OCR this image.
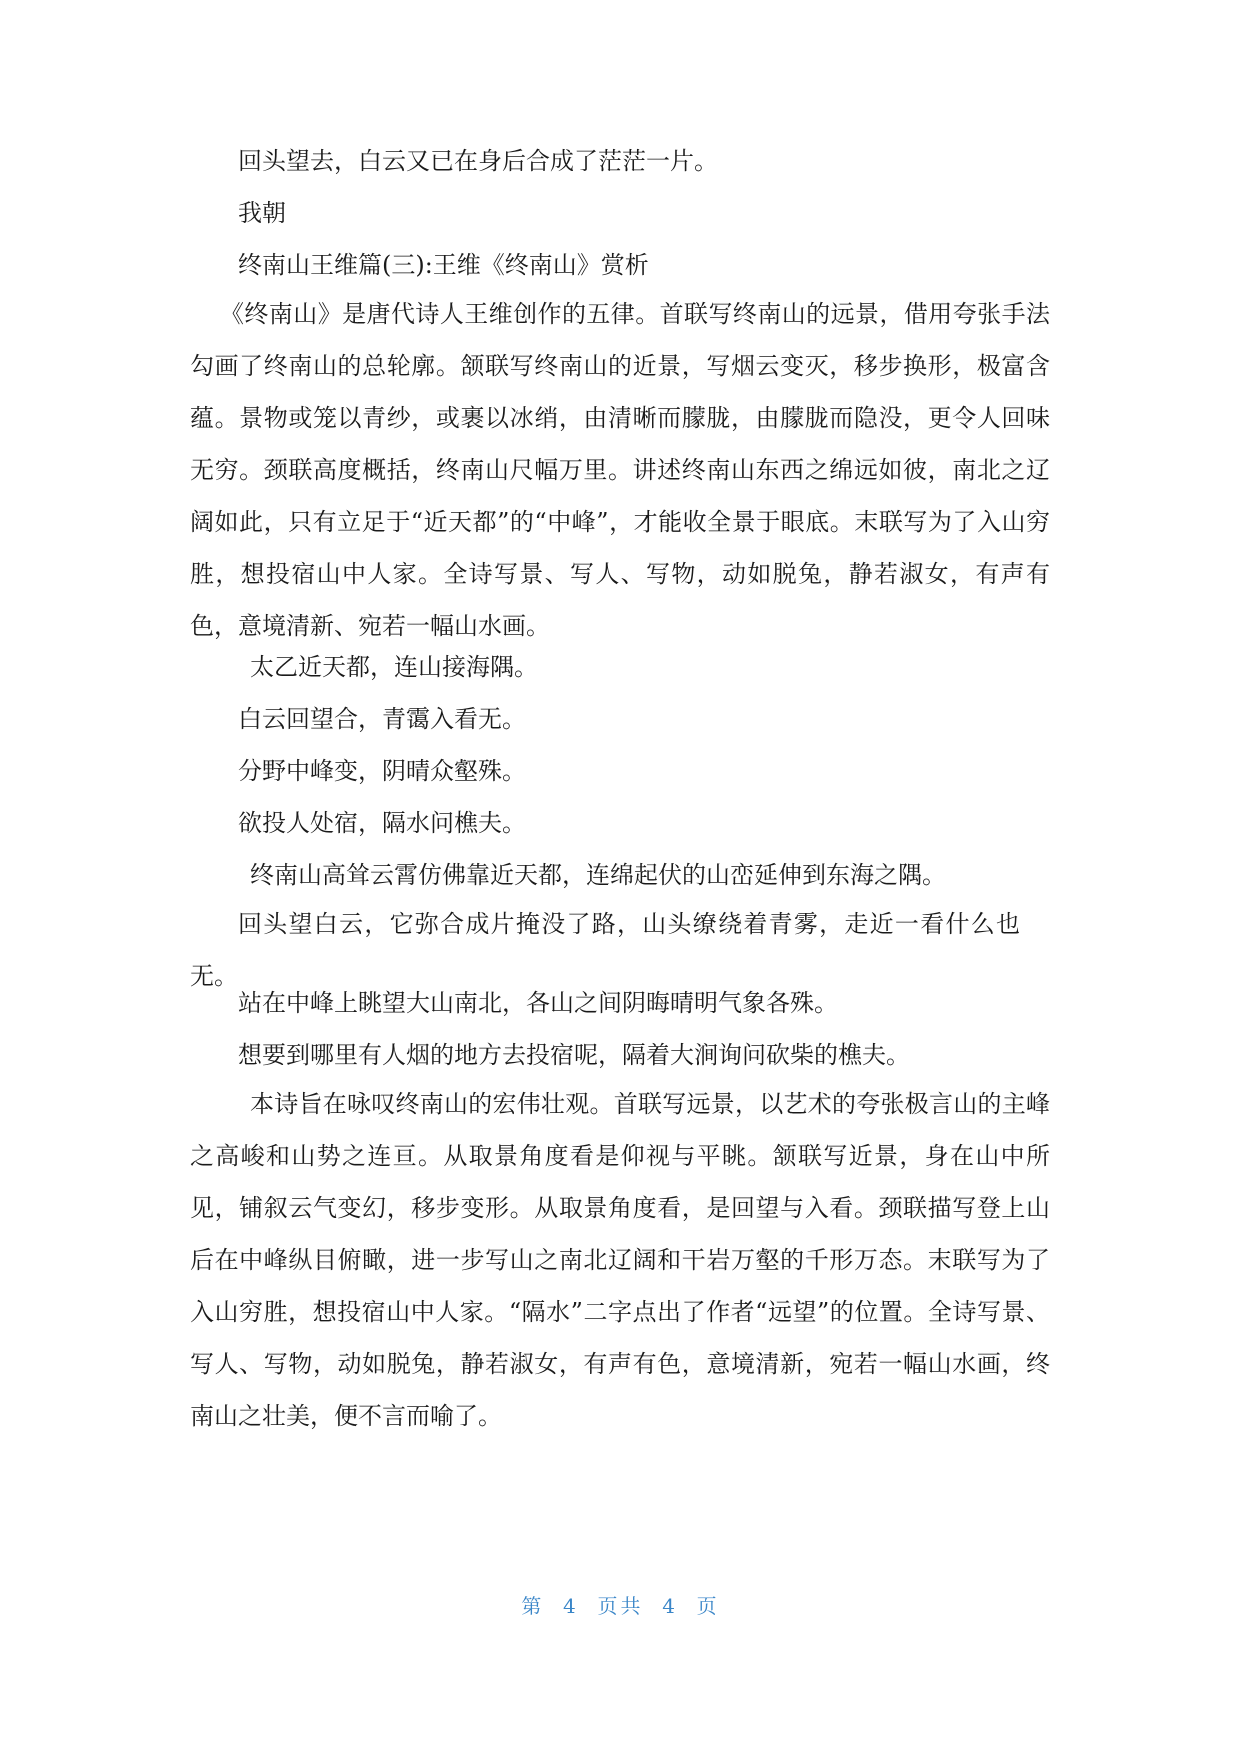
回头望去，白云又已在身后合成了茫茫一片。
我朝
终南山王维篇(三):王维《终南山》赏析
《终南山》是唐代诗人王维创作的五律。首联写终南山的远景，借用夸张手法勾画了终南山的总轮廓。颔联写终南山的近景，写烟云变灭，移步换形，极富含蕴。景物或笼以青纱，或裹以冰绡，由清晰而朦胧，由朦胧而隐没，更令人回味无穷。颈联高度概括，终南山尺幅万里。讲述终南山东西之绵远如彼，南北之辽阔如此，只有立足于“近天都”的“中峰”，才能收全景于眼底。末联写为了入山穷胜，想投宿山中人家。全诗写景、写人、写物，动如脱兔，静若淑女，有声有色，意境清新、宛若一幅山水画。
太乙近天都，连山接海隅。
白云回望合，青霭入看无。
分野中峰变，阴晴众壑殊。
欲投人处宿，隔水问樵夫。
终南山高耸云霄仿佛靠近天都，连绵起伏的山峦延伸到东海之隅。
回头望白云，它弥合成片掩没了路，山头缭绕着青雾，走近一看什么也无。
站在中峰上眺望大山南北，各山之间阴晦晴明气象各殊。
想要到哪里有人烟的地方去投宿呢，隔着大涧询问砍柴的樵夫。
本诗旨在咏叹终南山的宏伟壮观。首联写远景，以艺术的夸张极言山的主峰之高峻和山势之连亘。从取景角度看是仰视与平眺。颔联写近景，身在山中所见，铺叙云气变幻，移步变形。从取景角度看，是回望与入看。颈联描写登上山后在中峰纵目俯瞰，进一步写山之南北辽阔和干岩万壑的千形万态。末联写为了入山穷胜，想投宿山中人家。“隔水”二字点出了作者“远望”的位置。全诗写景、写人、写物，动如脱兔，静若淑女，有声有色，意境清新，宛若一幅山水画，终南山之壮美，便不言而喻了。
第  4  页共  4  页
